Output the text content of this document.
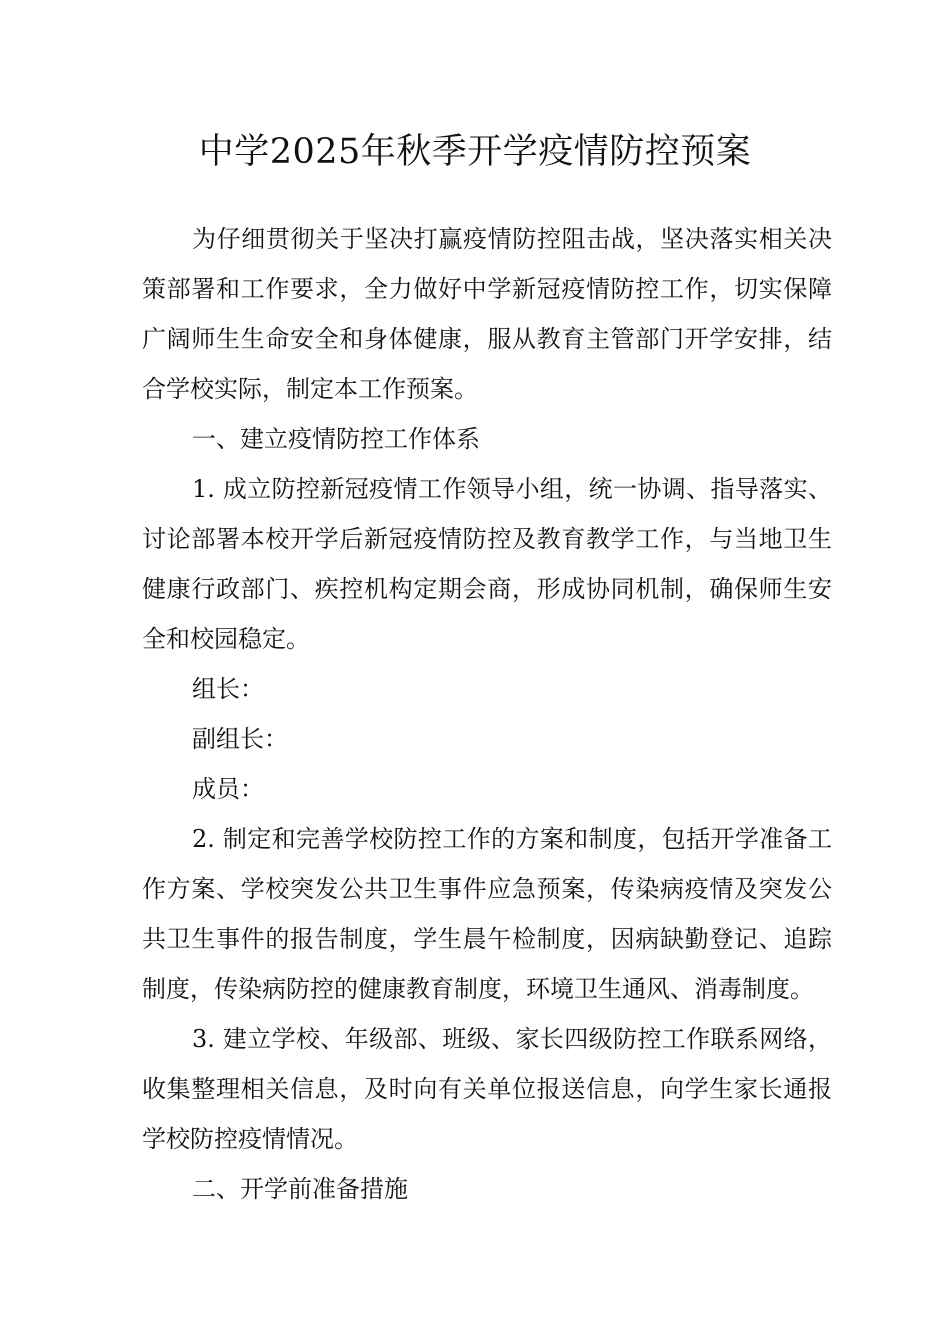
中学2025年秋季开学疫情防控预案
为仔细贯彻关于坚决打赢疫情防控阻击战，坚决落实相关决
策部署和工作要求，全力做好中学新冠疫情防控工作，切实保障
广阔师生生命安全和身体健康，服从教育主管部门开学安排，结
合学校实际，制定本工作预案。
一、建立疫情防控工作体系
1. 成立防控新冠疫情工作领导小组，统一协调、指导落实、
讨论部署本校开学后新冠疫情防控及教育教学工作，与当地卫生
健康行政部门、疾控机构定期会商，形成协同机制，确保师生安
全和校园稳定。
组长：
副组长：
成员：
2. 制定和完善学校防控工作的方案和制度，包括开学准备工
作方案、学校突发公共卫生事件应急预案，传染病疫情及突发公
共卫生事件的报告制度，学生晨午检制度，因病缺勤登记、追踪
制度，传染病防控的健康教育制度，环境卫生通风、消毒制度。
3. 建立学校、年级部、班级、家长四级防控工作联系网络，
收集整理相关信息，及时向有关单位报送信息，向学生家长通报
学校防控疫情情况。
二、开学前准备措施
